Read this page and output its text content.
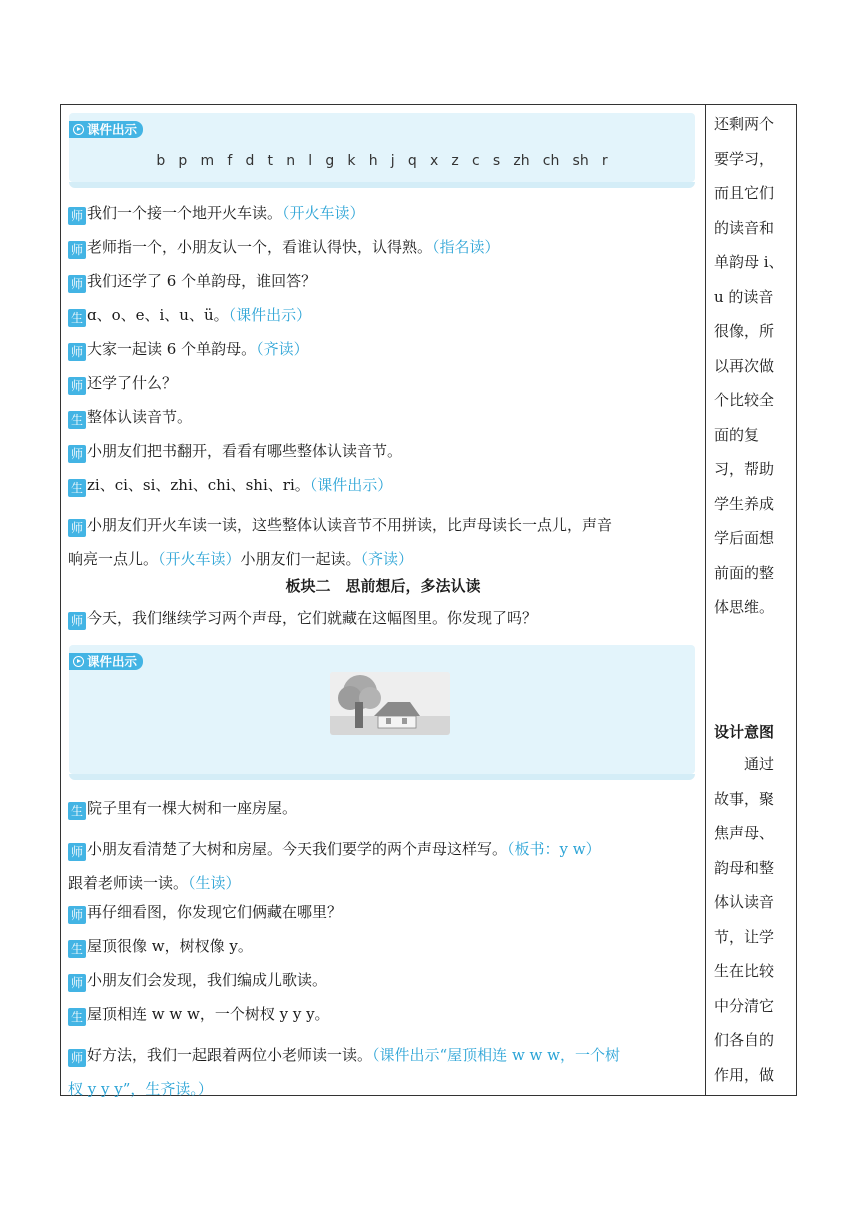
课件出示
b p m f d t n l g k h j q x z c s zh ch sh r
师 小朋友们开火车读一读，这些整体认读音节不用拼读，比声母读长一点儿，声音
响亮一点儿。（开火车读）小朋友们一起读。（齐读）
板块二　思前想后，多法认读
师 今天，我们继续学习两个声母，它们就藏在这幅图里。你发现了吗？
课件出示
师 小朋友看清楚了大树和房屋。今天我们要学的两个声母这样写。（板书：y w）
跟着老师读一读。（生读）
师 好方法，我们一起跟着两位小老师读一读。（课件出示“屋顶相连 w w w，一个树
杈 y y y”，生齐读。）
师 我们一个接一个地开火车读。（开火车读）
师 老师指一个，小朋友认一个，看谁认得快，认得熟。（指名读）
师 我们还学了 6 个单韵母，谁回答？
生 ɑ、o、e、i、u、ü。（课件出示）
师 大家一起读 6 个单韵母。（齐读）
师 还学了什么？
生 整体认读音节。
师 小朋友们把书翻开，看看有哪些整体认读音节。
生 zi、ci、si、zhi、chi、shi、ri。（课件出示）
生 院子里有一棵大树和一座房屋。
师 再仔细看图，你发现它们俩藏在哪里？
生 屋顶很像 w，树杈像 y。
师 小朋友们会发现，我们编成儿歌读。
生 屋顶相连 w w w，一个树杈 y y y。
还剩两个
要学习，
而且它们
的读音和
单韵母 i、
u 的读音
很像，所
以再次做
个比较全
面的复
习，帮助
学生养成
学后面想
前面的整
体思维。
设计意图
　　通过
故事，聚
焦声母、
韵母和整
体认读音
节，让学
生在比较
中分清它
们各自的
作用，做
